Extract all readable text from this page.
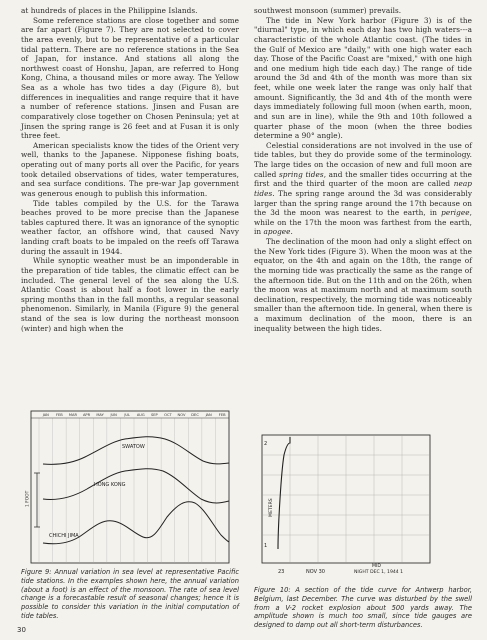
at hundreds of places in the Philippine Islands.

Some reference stations are close together and some are far apart (Figure 7). They are not selected to cover the area evenly, but to be representative of a particular tidal pattern. There are no reference stations in the Sea of Japan, for instance. And stations all along the northwest coast of Honshu, Japan, are referred to Hong Kong, China, a thousand miles or more away. The Yellow Sea as a whole has two tides a day (Figure 8), but differences in inequalities and range require that it have a number of reference stations. Jinsen and Fusan are comparatively close together on Chosen Peninsula; yet at Jinsen the spring range is 26 feet and at Fusan it is only three feet.

American specialists know the tides of the Orient very well, thanks to the Japanese. Nipponese fishing boats, operating out of many ports all over the Pacific, for years took detailed observations of tides, water temperatures, and sea surface conditions. The pre-war Jap government was generous enough to publish this information.

Tide tables compiled by the U.S. for the Tarawa beaches proved to be more precise than the Japanese tables captured there. It was an ignorance of the synoptic weather factor, an offshore wind, that caused Navy landing craft boats to be impaled on the reefs off Tarawa during the assault in 1944.

While synoptic weather must be an imponderable in the preparation of tide tables, the climatic effect can be included. The general level of the sea along the U.S. Atlantic Coast is about half a foot lower in the early spring months than in the fall months, a regular seasonal phenomenon. Similarly, in Manila (Figure 9) the general stand of the sea is low during the northeast monsoon (winter) and high when the

southwest monsoon (summer) prevails.

The tide in New York harbor (Figure 3) is of the "diurnal" type, in which each day has two high waters---a characteristic of the whole Atlantic coast. (The tides in the Gulf of Mexico are "daily," with one high water each day. Those of the Pacific Coast are "mixed," with one high and one medium high tide each day.) The range of tide around the 3d and 4th of the month was more than six feet, while one week later the range was only half that amount. Significantly, the 3d and 4th of the month were days immediately following full moon (when earth, moon, and sun are in line), while the 9th and 10th followed a quarter phase of the moon (when the three bodies determine a 90° angle).

Celestial considerations are not involved in the use of tide tables, but they do provide some of the terminology. The large tides on the occasion of new and full moon are called spring tides, and the smaller tides occurring at the first and the third quarter of the moon are called neap tides. The spring range around the 3d was considerably larger than the spring range around the 17th because on the 3d the moon was nearest to the earth, in perigee, while on the 17th the moon was farthest from the earth, in apogee.

The declination of the moon had only a slight effect on the New York tides (Figure 3). When the moon was at the equator, on the 4th and again on the 18th, the range of the morning tide was practically the same as the range of the afternoon tide. But on the 11th and on the 26th, when the moon was at maximum north and at maximum south declination, respectively, the morning tide was noticeably smaller than the afternoon tide. In general, when there is a maximum declination of the moon, there is an inequality between the high tides.

JAN FEB MAR APR MAY JUN JUL AUG SEP OCT NOV DEC JAN FEB
1 FOOT
SWATOW
HONG KONG
CHICHI JIMA
Figure 9: Annual variation in sea level at representative Pacific tide stations. In the examples shown here, the annual variation (about a foot) is an effect of the monsoon. The rate of sea level change is a forecastable result of seasonal changes; hence it is possible to consider this variation in the initial computation of tide tables.
2
1
METERS
23	NOV 30
MID
NIGHT DEC 1, 1944 1
Figure 10: A section of the tide curve for Antwerp harbor, Belgium, last December. The curve was disturbed by the swell from a V-2 rocket explosion about 500 yards away. The amplitude shown is much too small, since tide gauges are designed to damp out all short-term disturbances.
30
